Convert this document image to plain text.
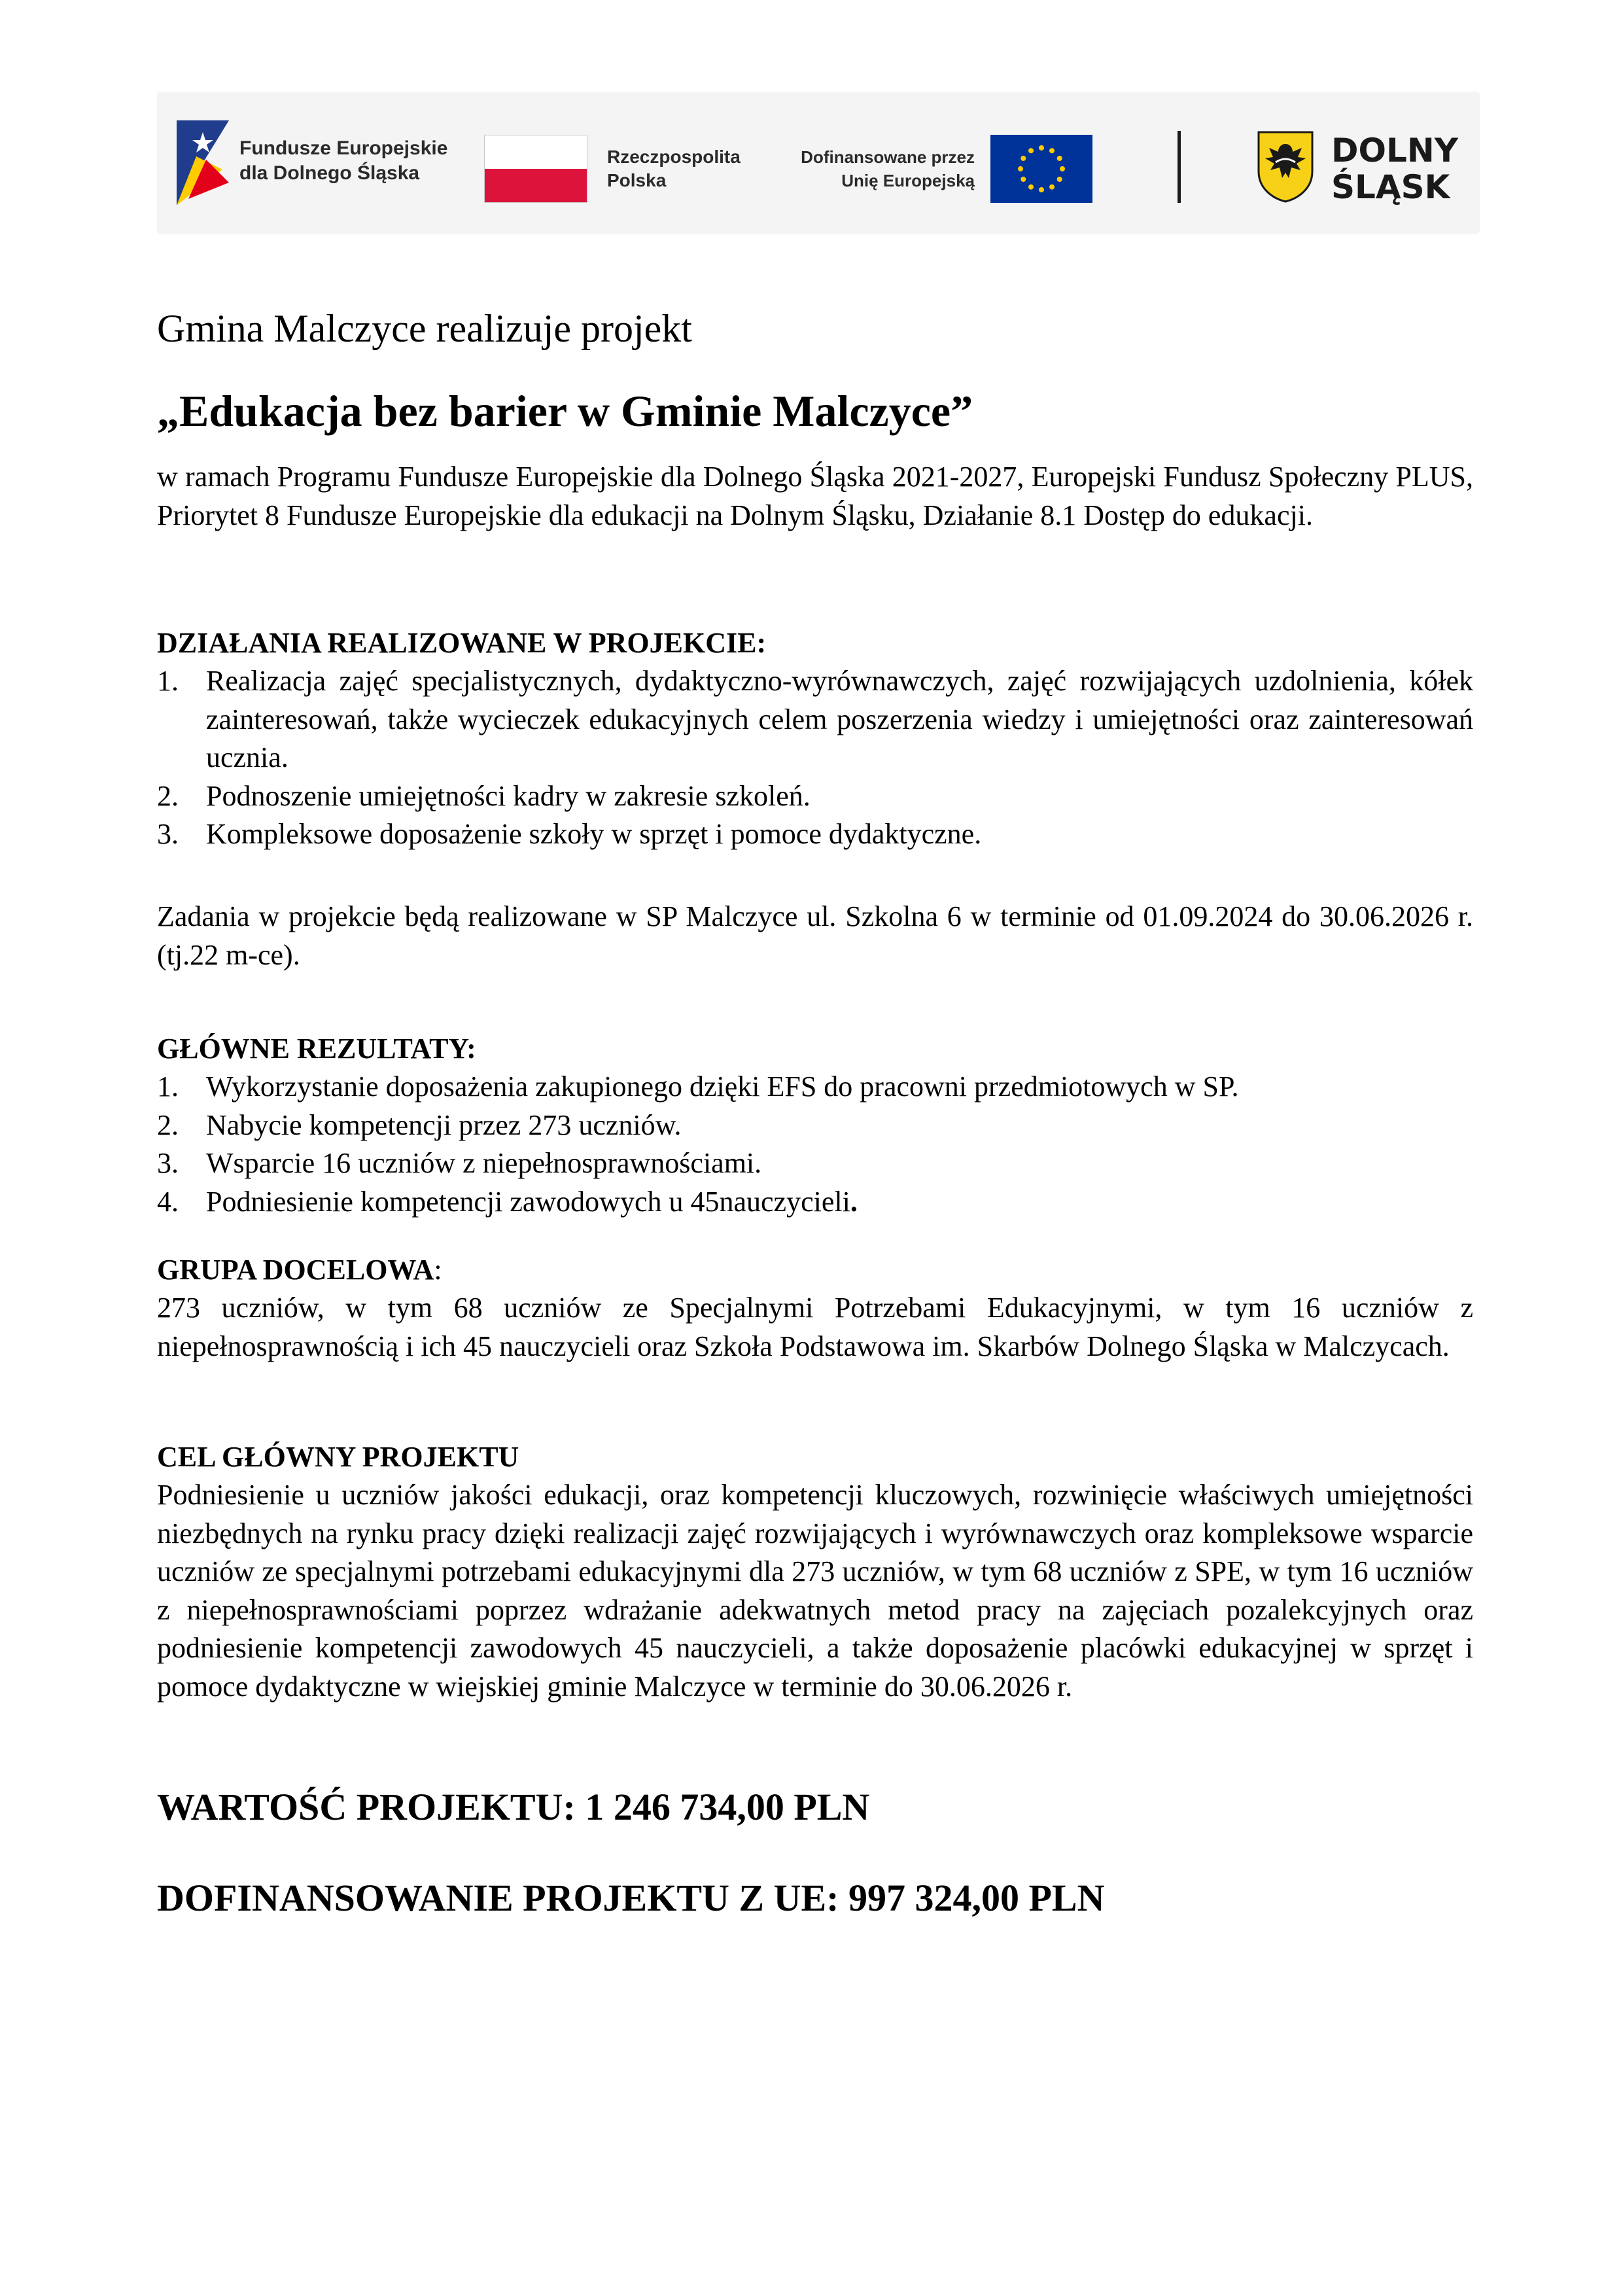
Fundusze Europejskie
dla Dolnego Śląska
Rzeczpospolita
Polska
Dofinansowane przez
Unię Europejską
DOLNY
ŚLĄSK

Gmina Malczyce realizuje projekt

„Edukacja bez barier w Gminie Malczyce”

w ramach Programu Fundusze Europejskie dla Dolnego Śląska 2021-2027, Europejski Fundusz Społeczny PLUS, Priorytet 8 Fundusze Europejskie dla edukacji na Dolnym Śląsku, Działanie 8.1 Dostęp do edukacji.

DZIAŁANIA REALIZOWANE W PROJEKCIE:

1. Realizacja zajęć specjalistycznych, dydaktyczno-wyrównawczych, zajęć rozwijających uzdolnienia, kółek zainteresowań, także wycieczek edukacyjnych celem poszerzenia wiedzy i umiejętności oraz zainteresowań ucznia.
2. Podnoszenie umiejętności kadry w zakresie szkoleń.
3. Kompleksowe doposażenie szkoły w sprzęt i pomoce dydaktyczne.

Zadania w projekcie będą realizowane w SP Malczyce ul. Szkolna 6 w terminie od 01.09.2024 do 30.06.2026 r. (tj.22 m-ce).

GŁÓWNE REZULTATY:

1. Wykorzystanie doposażenia zakupionego dzięki EFS do pracowni przedmiotowych w SP.
2. Nabycie kompetencji przez 273 uczniów.
3. Wsparcie 16 uczniów z niepełnosprawnościami.
4. Podniesienie kompetencji zawodowych u 45nauczycieli.

GRUPA DOCELOWA:

273 uczniów, w tym 68 uczniów ze Specjalnymi Potrzebami Edukacyjnymi, w tym 16 uczniów z niepełnosprawnością i ich 45 nauczycieli oraz Szkoła Podstawowa im. Skarbów Dolnego Śląska w Malczycach.

CEL GŁÓWNY PROJEKTU

Podniesienie u uczniów jakości edukacji, oraz kompetencji kluczowych, rozwinięcie właściwych umiejętności niezbędnych na rynku pracy dzięki realizacji zajęć rozwijających i wyrównawczych oraz kompleksowe wsparcie uczniów ze specjalnymi potrzebami edukacyjnymi dla 273 uczniów, w tym 68 uczniów z SPE, w tym 16 uczniów z niepełnosprawnościami poprzez wdrażanie adekwatnych metod pracy na zajęciach pozalekcyjnych oraz podniesienie kompetencji zawodowych 45 nauczycieli, a także doposażenie placówki edukacyjnej w sprzęt i pomoce dydaktyczne w wiejskiej gminie Malczyce w terminie do 30.06.2026 r.

WARTOŚĆ PROJEKTU: 1 246 734,00 PLN

DOFINANSOWANIE PROJEKTU Z UE: 997 324,00 PLN
